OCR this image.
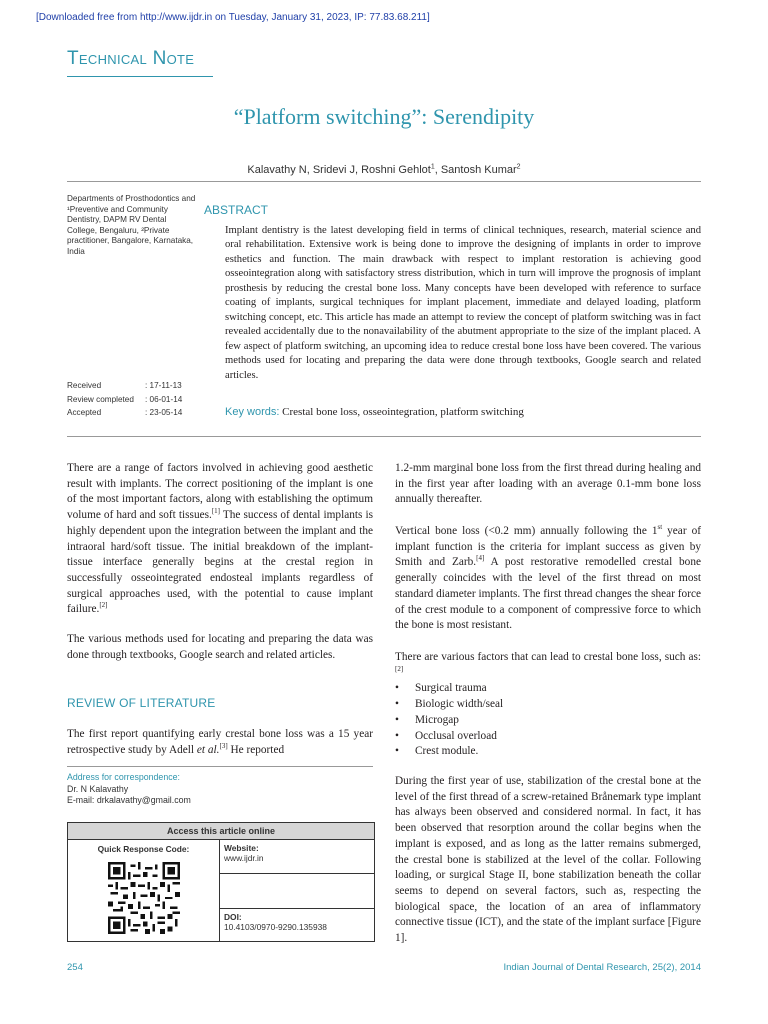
[Downloaded free from http://www.ijdr.in on Tuesday, January 31, 2023, IP: 77.83.68.211]
Technical Note
“Platform switching”: Serendipity
Kalavathy N, Sridevi J, Roshni Gehlot$^1$, Santosh Kumar$^2$
Departments of Prosthodontics and ¹Preventive and Community Dentistry, DAPM RV Dental College, Bengaluru, ²Private practitioner, Bangalore, Karnataka, India
ABSTRACT
Implant dentistry is the latest developing field in terms of clinical techniques, research, material science and oral rehabilitation. Extensive work is being done to improve the designing of implants in order to improve esthetics and function. The main drawback with respect to implant restoration is achieving good osseointegration along with satisfactory stress distribution, which in turn will improve the prognosis of implant prosthesis by reducing the crestal bone loss. Many concepts have been developed with reference to surface coating of implants, surgical techniques for implant placement, immediate and delayed loading, platform switching concept, etc. This article has made an attempt to review the concept of platform switching was in fact revealed accidentally due to the nonavailability of the abutment appropriate to the size of the implant placed. A few aspect of platform switching, an upcoming idea to reduce crestal bone loss have been covered. The various methods used for locating and preparing the data were done through textbooks, Google search and related articles.
Received	: 17-11-13
Review completed	: 06-01-14
Accepted	: 23-05-14	Key words: Crestal bone loss, osseointegration, platform switching

There are a range of factors involved in achieving good aesthetic result with implants. The correct positioning of the implant is one of the most important factors, along with establishing the optimum volume of hard and soft tissues.[1] The success of dental implants is highly dependent upon the integration between the implant and the intraoral hard/soft tissue. The initial breakdown of the implant-tissue interface generally begins at the crestal region in successfully osseointegrated endosteal implants regardless of surgical approaches used, with the potential to cause implant failure.[2]

The various methods used for locating and preparing the data was done through textbooks, Google search and related articles.

REVIEW OF LITERATURE

The first report quantifying early crestal bone loss was a 15 year retrospective study by Adell et al.[3] He reported

Address for correspondence:
Dr. N Kalavathy
E-mail: drkalavathy@gmail.com
Access this article online
Quick Response Code:	Website:
www.ijdr.in
DOI:
10.4103/0970-9290.135938

1.2-mm marginal bone loss from the first thread during healing and in the first year after loading with an average 0.1-mm bone loss annually thereafter.

Vertical bone loss (<0.2 mm) annually following the 1st year of implant function is the criteria for implant success as given by Smith and Zarb.[4] A post restorative remodelled crestal bone generally coincides with the level of the first thread on most standard diameter implants. The first thread changes the shear force of the crest module to a component of compressive force to which the bone is most resistant.

There are various factors that can lead to crestal bone loss, such as:[2]

•	Surgical trauma
•	Biologic width/seal
•	Microgap
•	Occlusal overload
•	Crest module.

During the first year of use, stabilization of the crestal bone at the level of the first thread of a screw-retained Brånemark type implant has always been observed and considered normal. In fact, it has been observed that resorption around the collar begins when the implant is exposed, and as long as the latter remains submerged, the crestal bone is stabilized at the level of the collar. Following loading, or surgical Stage II, bone stabilization beneath the collar seems to depend on several factors, such as, respecting the biological space, the location of an area of inflammatory connective tissue (ICT), and the state of the implant surface [Figure 1].

254	Indian Journal of Dental Research, 25(2), 2014
